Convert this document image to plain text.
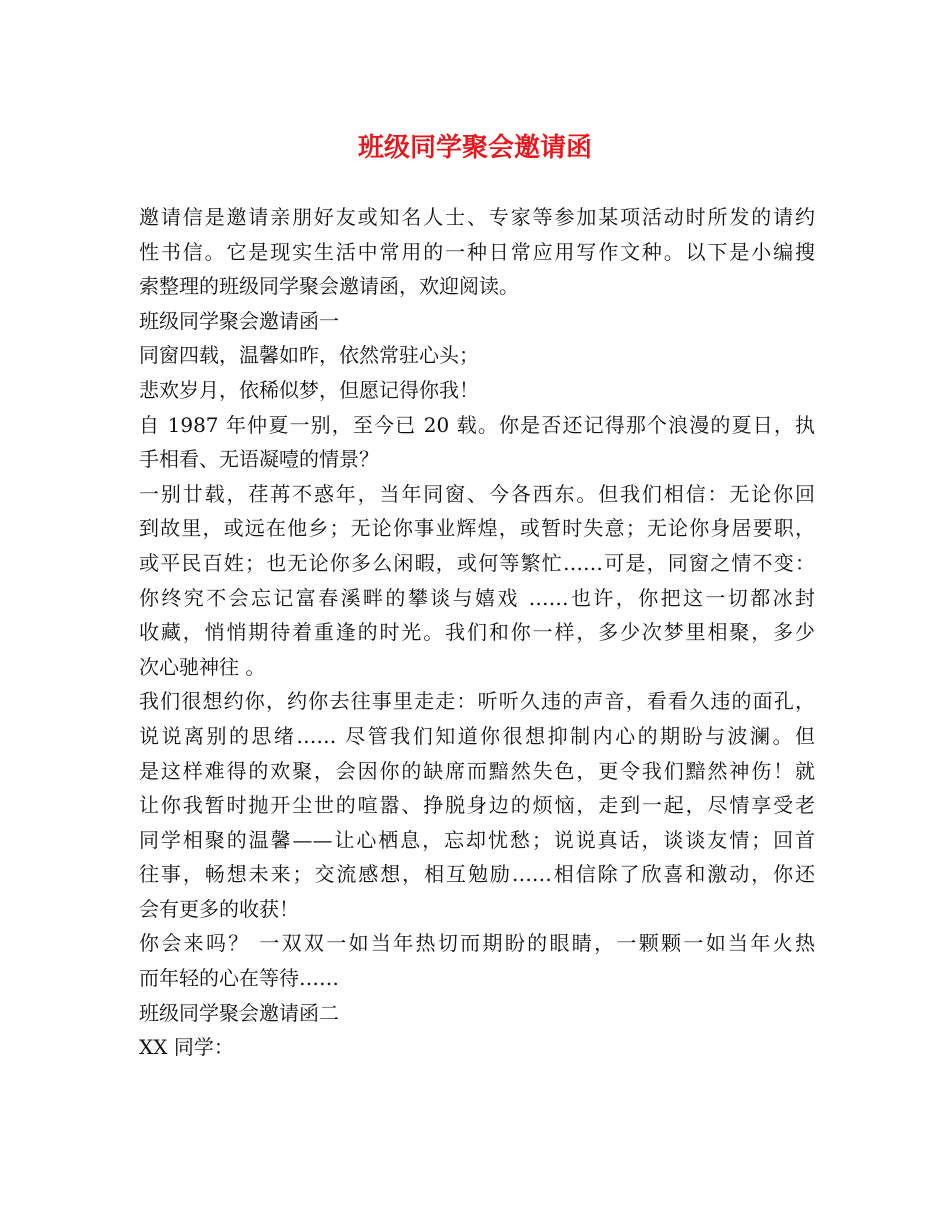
班级同学聚会邀请函
邀请信是邀请亲朋好友或知名人士、专家等参加某项活动时所发的请约
性书信。它是现实生活中常用的一种日常应用写作文种。以下是小编搜
索整理的班级同学聚会邀请函，欢迎阅读。
班级同学聚会邀请函一
同窗四载，温馨如昨，依然常驻心头；
悲欢岁月，依稀似梦，但愿记得你我！
自 1987 年仲夏一别，至今已 20 载。你是否还记得那个浪漫的夏日，执
手相看、无语凝噎的情景？
一别廿载，荏苒不惑年，当年同窗、今各西东。但我们相信：无论你回
到故里，或远在他乡；无论你事业辉煌，或暂时失意；无论你身居要职，
或平民百姓；也无论你多么闲暇，或何等繁忙……可是，同窗之情不变：
你终究不会忘记富春溪畔的攀谈与嬉戏 ……也许，你把这一切都冰封
收藏，悄悄期待着重逢的时光。我们和你一样，多少次梦里相聚，多少
次心驰神往 。
我们很想约你，约你去往事里走走：听听久违的声音，看看久违的面孔，
说说离别的思绪…… 尽管我们知道你很想抑制内心的期盼与波澜。但
是这样难得的欢聚，会因你的缺席而黯然失色，更令我们黯然神伤！就
让你我暂时抛开尘世的喧嚣、挣脱身边的烦恼，走到一起，尽情享受老
同学相聚的温馨——让心栖息，忘却忧愁；说说真话，谈谈友情；回首
往事，畅想未来；交流感想，相互勉励……相信除了欣喜和激动，你还
会有更多的收获！
你会来吗？ 一双双一如当年热切而期盼的眼睛，一颗颗一如当年火热
而年轻的心在等待……
班级同学聚会邀请函二
XX 同学：
